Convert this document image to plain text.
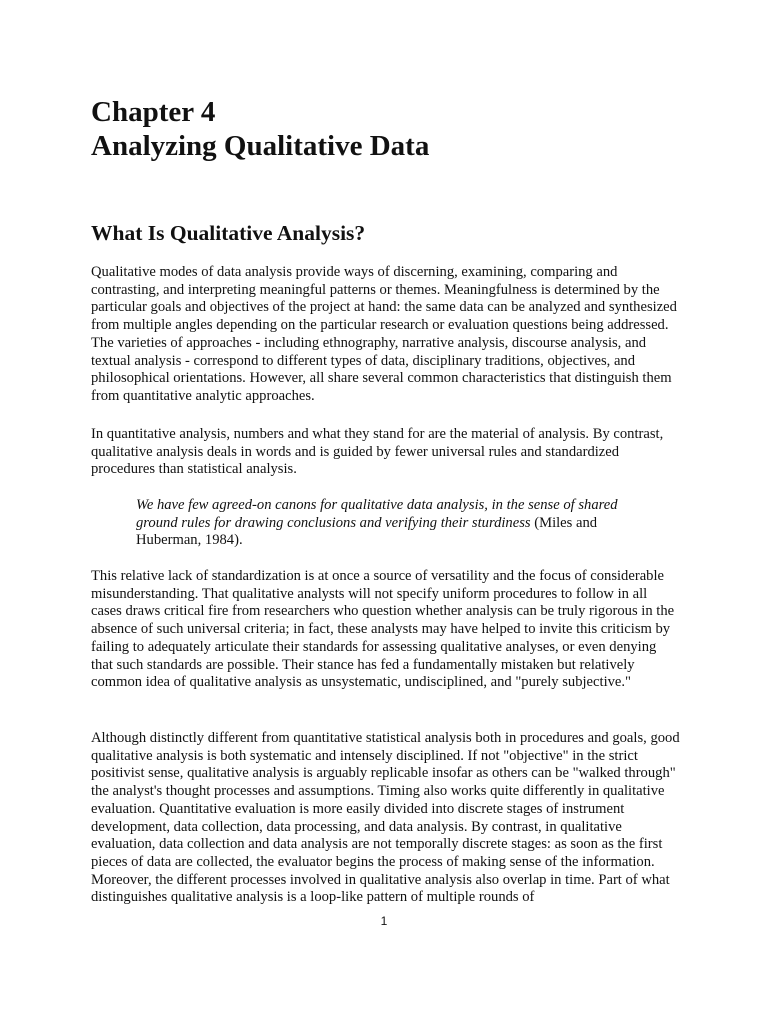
Chapter 4
Analyzing Qualitative Data
What Is Qualitative Analysis?

Qualitative modes of data analysis provide ways of discerning, examining, comparing and contrasting, and interpreting meaningful patterns or themes. Meaningfulness is determined by the particular goals and objectives of the project at hand: the same data can be analyzed and synthesized from multiple angles depending on the particular research or evaluation questions being addressed. The varieties of approaches - including ethnography, narrative analysis, discourse analysis, and textual analysis - correspond to different types of data, disciplinary traditions, objectives, and philosophical orientations. However, all share several common characteristics that distinguish them from quantitative analytic approaches.

In quantitative analysis, numbers and what they stand for are the material of analysis. By contrast, qualitative analysis deals in words and is guided by fewer universal rules and standardized procedures than statistical analysis.

We have few agreed-on canons for qualitative data analysis, in the sense of shared ground rules for drawing conclusions and verifying their sturdiness (Miles and Huberman, 1984).

This relative lack of standardization is at once a source of versatility and the focus of considerable misunderstanding. That qualitative analysts will not specify uniform procedures to follow in all cases draws critical fire from researchers who question whether analysis can be truly rigorous in the absence of such universal criteria; in fact, these analysts may have helped to invite this criticism by failing to adequately articulate their standards for assessing qualitative analyses, or even denying that such standards are possible. Their stance has fed a fundamentally mistaken but relatively common idea of qualitative analysis as unsystematic, undisciplined, and "purely subjective."

Although distinctly different from quantitative statistical analysis both in procedures and goals, good qualitative analysis is both systematic and intensely disciplined. If not "objective" in the strict positivist sense, qualitative analysis is arguably replicable insofar as others can be "walked through" the analyst's thought processes and assumptions. Timing also works quite differently in qualitative evaluation. Quantitative evaluation is more easily divided into discrete stages of instrument development, data collection, data processing, and data analysis. By contrast, in qualitative evaluation, data collection and data analysis are not temporally discrete stages: as soon as the first pieces of data are collected, the evaluator begins the process of making sense of the information. Moreover, the different processes involved in qualitative analysis also overlap in time. Part of what distinguishes qualitative analysis is a loop-like pattern of multiple rounds of

1
